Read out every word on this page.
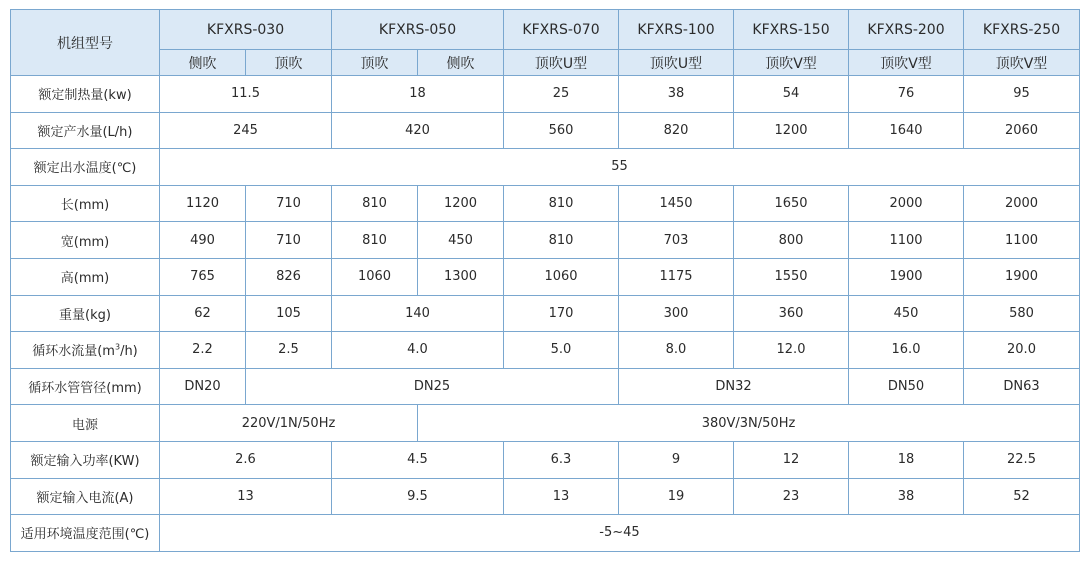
机组型号	KFXRS-030		KFXRS-050		KFXRS-070	KFXRS-100	KFXRS-150	KFXRS-200	KFXRS-250
	侧吹	顶吹	顶吹	侧吹	顶吹U型	顶吹U型	顶吹V型	顶吹V型	顶吹V型
额定制热量(kw)	11.5		18		25	38	54	76	95
额定产水量(L/h)	245		420		560	820	1200	1640	2060
额定出水温度(℃)	55								
长(mm)	1120	710	810	1200	810	1450	1650	2000	2000
宽(mm)	490	710	810	450	810	703	800	1100	1100
高(mm)	765	826	1060	1300	1060	1175	1550	1900	1900
重量(kg)	62	105	140		170	300	360	450	580
循环水流量$(m^3/h)$	2.2	2.5	4.0		5.0	8.0	12.0	16.0	20.0
循环水管管径(mm)	DN20	DN25				DN32		DN50	DN63
电源	220V/1N/50Hz			380V/3N/50Hz					
额定输入功率(KW)	2.6		4.5		6.3	9	12	18	22.5
额定输入电流(A)	13		9.5		13	19	23	38	52
适用环境温度范围(℃)	-5~45								
